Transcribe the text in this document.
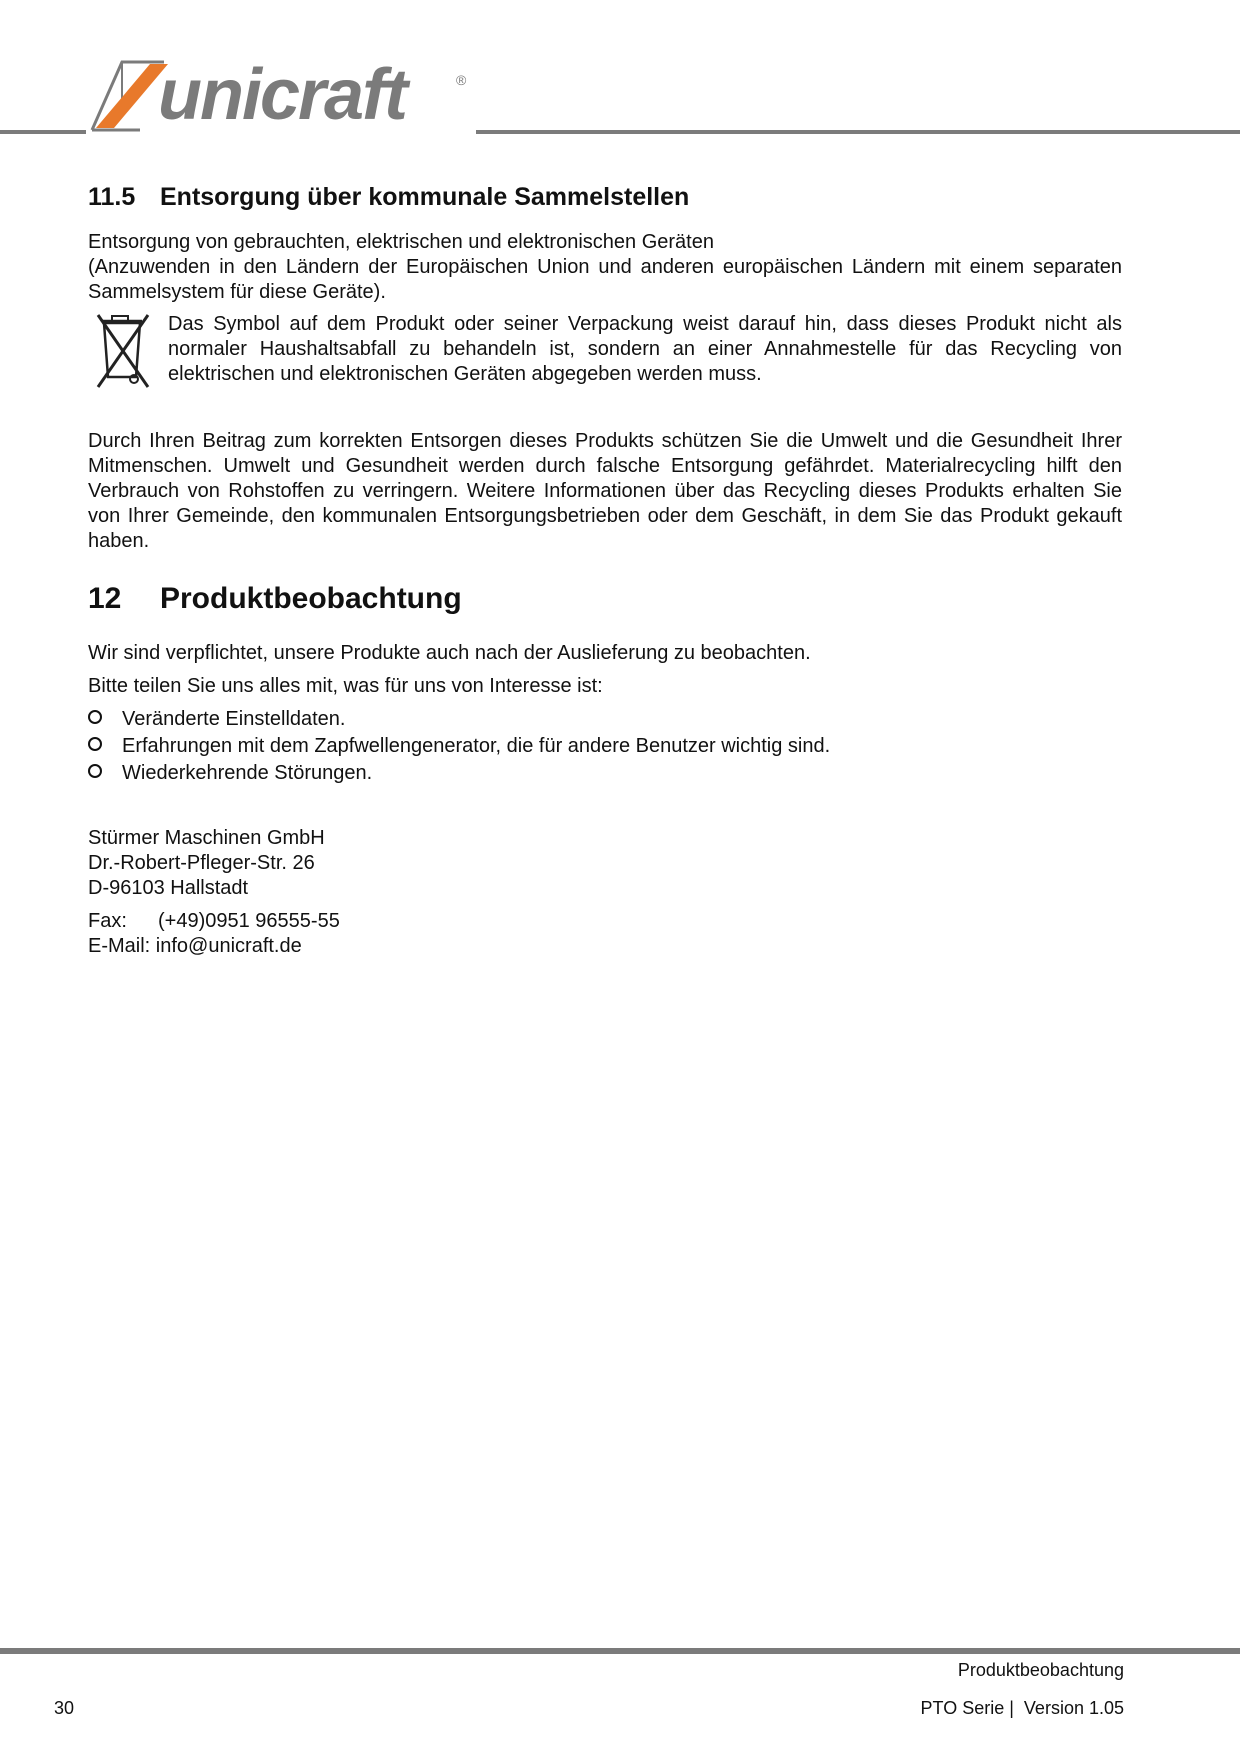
unicraft	®
11.5 Entsorgung über kommunale Sammelstellen
Entsorgung von gebrauchten, elektrischen und elektronischen Geräten
(Anzuwenden in den Ländern der Europäischen Union und anderen europäischen Ländern mit einem separaten Sammelsystem für diese Geräte).
Das Symbol auf dem Produkt oder seiner Verpackung weist darauf hin, dass dieses Produkt nicht als normaler Haushaltsabfall zu behandeln ist, sondern an einer Annahmestelle für das Recycling von elektrischen und elektronischen Geräten abgegeben werden muss.
Durch Ihren Beitrag zum korrekten Entsorgen dieses Produkts schützen Sie die Umwelt und die Gesundheit Ihrer Mitmenschen. Umwelt und Gesundheit werden durch falsche Entsorgung gefährdet. Materialrecycling hilft den Verbrauch von Rohstoffen zu verringern. Weitere Informationen über das Recycling dieses Produkts erhalten Sie von Ihrer Gemeinde, den kommunalen Entsorgungsbetrieben oder dem Geschäft, in dem Sie das Produkt gekauft haben.
12 Produktbeobachtung
Wir sind verpflichtet, unsere Produkte auch nach der Auslieferung zu beobachten.
Bitte teilen Sie uns alles mit, was für uns von Interesse ist:
Veränderte Einstelldaten.
Erfahrungen mit dem Zapfwellengenerator, die für andere Benutzer wichtig sind.
Wiederkehrende Störungen.
Stürmer Maschinen GmbH
Dr.-Robert-Pfleger-Str. 26
D-96103 Hallstadt
Fax: (+49)0951 96555-55
E-Mail: info@unicraft.de
Produktbeobachtung
30	PTO Serie |  Version 1.05
